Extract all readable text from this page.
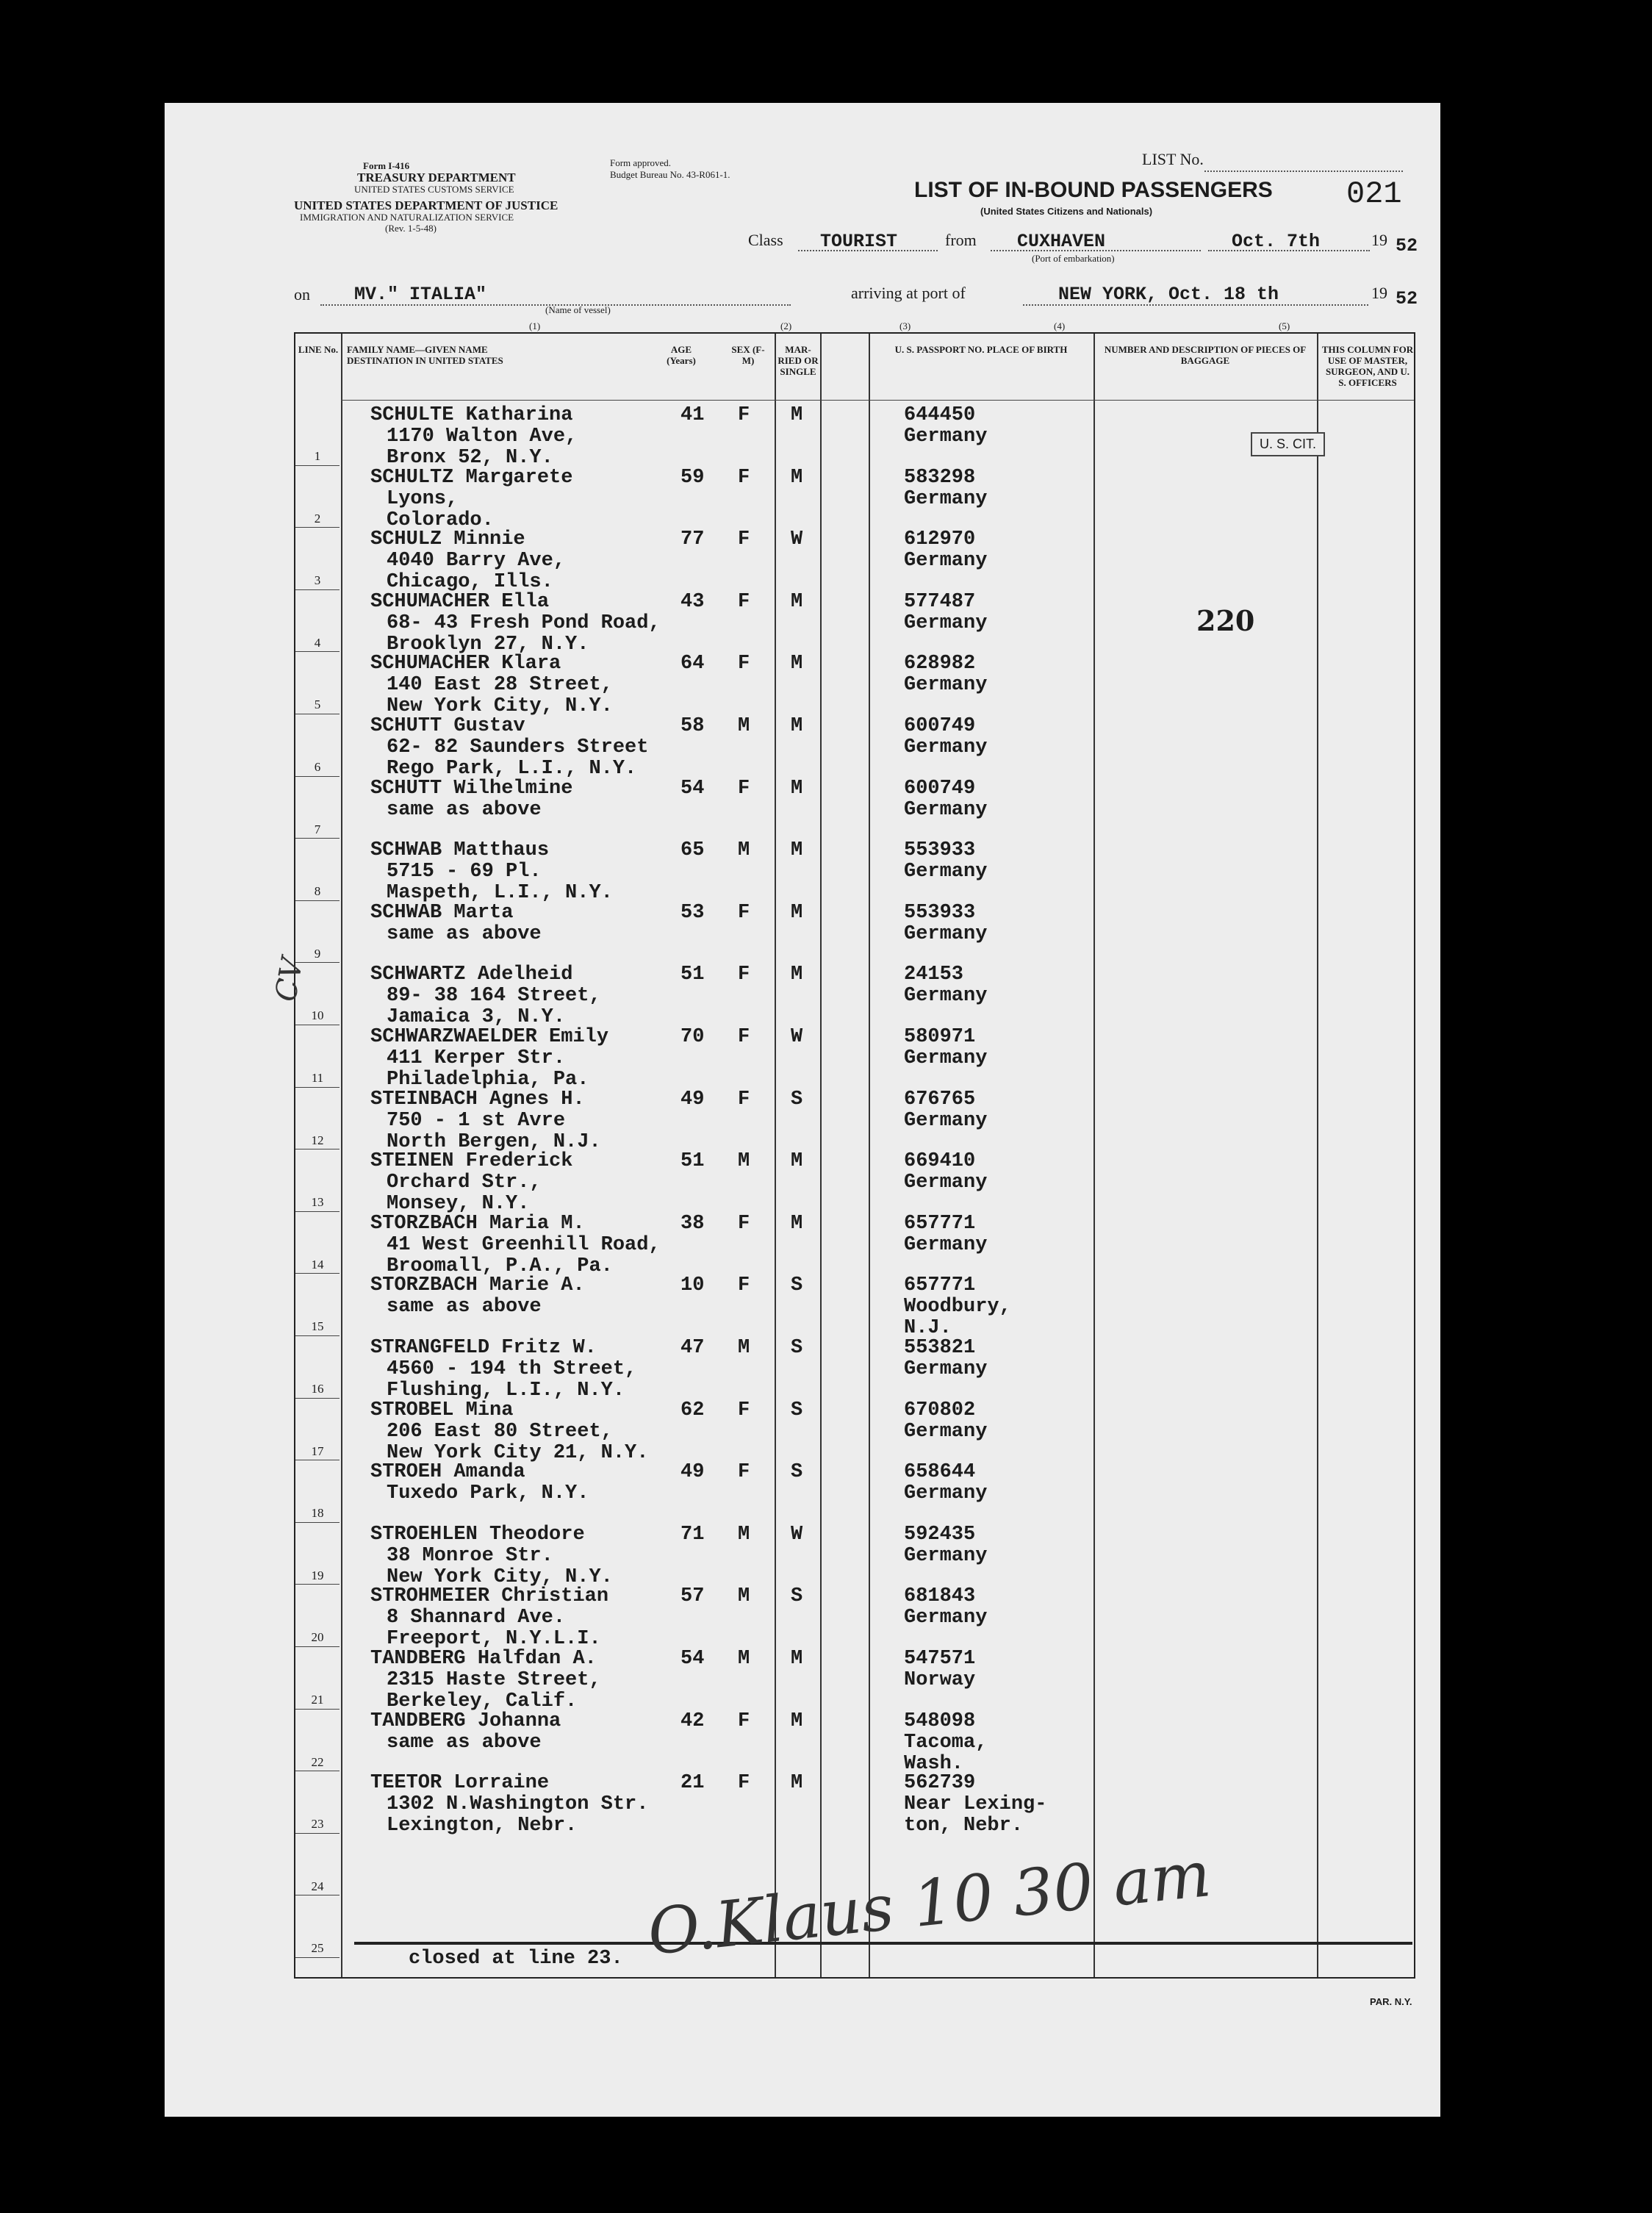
Form I-416
TREASURY DEPARTMENT
UNITED STATES CUSTOMS SERVICE
UNITED STATES DEPARTMENT OF JUSTICE
IMMIGRATION AND NATURALIZATION SERVICE
(Rev. 1-5-48)
Form approved.
Budget Bureau No. 43-R061-1.
LIST No.
021
LIST OF IN-BOUND PASSENGERS
(United States Citizens and Nationals)
Class TOURIST	from CUXHAVEN
(Port of embarkation)
Oct. 7th	19 52
on MV." ITALIA"
(Name of vessel)
arriving at port of	NEW YORK, Oct. 18 th	19 52
(1)	(2)	(3)	(4)	(5)
LINE No. FAMILY NAME—GIVEN NAME DESTINATION IN UNITED STATES
AGE (Years)
SEX (F-M)
MAR-RIED OR SINGLE
U. S. PASSPORT NO. PLACE OF BIRTH	NUMBER AND DESCRIPTION OF PIECES OF BAGGAGE
THIS COLUMN FOR USE OF MASTER, SURGEON, AND U. S. OFFICERS
1
SCHULTE Katharina
1170 Walton Ave,
Bronx 52, N.Y.
41 F M	644450
Germany
2
SCHULTZ Margarete
Lyons,
Colorado.
59 F M	583298
Germany
3
SCHULZ Minnie
4040 Barry Ave,
Chicago, Ills.
77 F W	612970
Germany
4
SCHUMACHER Ella
68- 43 Fresh Pond Road,
Brooklyn 27, N.Y.
43 F M	577487
Germany
5
SCHUMACHER Klara
140 East 28 Street,
New York City, N.Y.
64 F M	628982
Germany
6
SCHUTT Gustav
62- 82 Saunders Street
Rego Park, L.I., N.Y.
58 M M	600749
Germany
7
SCHUTT Wilhelmine
same as above
54 F M	600749
Germany
8
SCHWAB Matthaus
5715 - 69 Pl.
Maspeth, L.I., N.Y.
65 M M	553933
Germany
9
SCHWAB Marta
same as above
53 F M	553933
Germany
10
SCHWARTZ Adelheid
89- 38 164 Street,
Jamaica 3, N.Y.
51 F M	24153
Germany
11
SCHWARZWAELDER Emily
411 Kerper Str.
Philadelphia, Pa.
70 F W	580971
Germany
12
STEINBACH Agnes H.
750 - 1 st Avre
North Bergen, N.J.
49 F S	676765
Germany
13
STEINEN Frederick
Orchard Str.,
Monsey, N.Y.
51 M M	669410
Germany
14
STORZBACH Maria M.
41 West Greenhill Road,
Broomall, P.A., Pa.
38 F M	657771
Germany
15
STORZBACH Marie A.
same as above
10 F S	657771
Woodbury,
N.J.
16
STRANGFELD Fritz W.
4560 - 194 th Street,
Flushing, L.I., N.Y.
47 M S	553821
Germany
17
STROBEL Mina
206 East 80 Street,
New York City 21, N.Y.
62 F S	670802
Germany
18
STROEH Amanda
Tuxedo Park, N.Y.
49 F S	658644
Germany
19
STROEHLEN Theodore
38 Monroe Str.
New York City, N.Y.
71 M W	592435
Germany
20
STROHMEIER Christian
8 Shannard Ave.
Freeport, N.Y.L.I.
57 M S	681843
Germany
21
TANDBERG Halfdan A.
2315 Haste Street,
Berkeley, Calif.
54 M M	547571
Norway
22
TANDBERG Johanna
same as above
42 F M	548098
Tacoma,
Wash.
23
TEETOR Lorraine
1302 N.Washington Str.
Lexington, Nebr.
21 F M	562739
Near Lexing-
ton, Nebr.
24
25	closed at line 23.
U. S. CIT.
220
O.Klaus 10 30 am
CV
PAR. N.Y.
